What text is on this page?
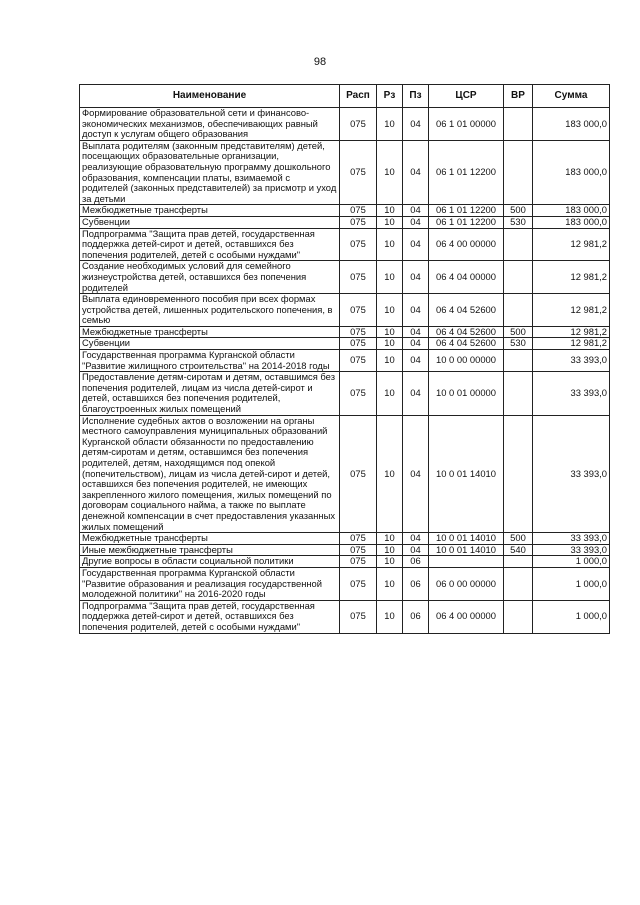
98
Наименование	Расп	Рз	Пз	ЦСР	ВР	Сумма
Формирование образовательной сети и финансово-экономических механизмов, обеспечивающих равный доступ к услугам общего образования	075	10	04	06 1 01 00000		183 000,0
Выплата родителям (законным представителям) детей, посещающих образовательные организации, реализующие образовательную программу дошкольного образования, компенсации платы, взимаемой с родителей (законных представителей) за присмотр и уход за детьми	075	10	04	06 1 01 12200		183 000,0
Межбюджетные трансферты	075	10	04	06 1 01 12200	500	183 000,0
Субвенции	075	10	04	06 1 01 12200	530	183 000,0
Подпрограмма "Защита прав детей, государственная поддержка детей-сирот и детей, оставшихся без попечения родителей, детей с особыми нуждами"	075	10	04	06 4 00 00000		12 981,2
Создание необходимых условий для семейного жизнеустройства детей, оставшихся без попечения родителей	075	10	04	06 4 04 00000		12 981,2
Выплата единовременного пособия при всех формах устройства детей, лишенных родительского попечения, в семью	075	10	04	06 4 04 52600		12 981,2
Межбюджетные трансферты	075	10	04	06 4 04 52600	500	12 981,2
Субвенции	075	10	04	06 4 04 52600	530	12 981,2
Государственная программа Курганской области "Развитие жилищного строительства" на 2014-2018 годы	075	10	04	10 0 00 00000		33 393,0
Предоставление детям-сиротам и детям, оставшимся без попечения родителей, лицам из числа детей-сирот и детей, оставшихся без попечения родителей, благоустроенных жилых помещений	075	10	04	10 0 01 00000		33 393,0
Исполнение судебных актов о возложении на органы местного самоуправления муниципальных образований Курганской области обязанности по предоставлению детям-сиротам и детям, оставшимся без попечения родителей, детям, находящимся под опекой (попечительством), лицам из числа детей-сирот и детей, оставшихся без попечения родителей, не имеющих закрепленного жилого помещения, жилых помещений по договорам социального найма, а также по выплате денежной компенсации в счет предоставления указанных жилых помещений	075	10	04	10 0 01 14010		33 393,0
Межбюджетные трансферты	075	10	04	10 0 01 14010	500	33 393,0
Иные межбюджетные трансферты	075	10	04	10 0 01 14010	540	33 393,0
Другие вопросы в области социальной политики	075	10	06			1 000,0
Государственная программа Курганской области "Развитие образования и реализация государственной молодежной политики" на 2016-2020 годы	075	10	06	06 0 00 00000		1 000,0
Подпрограмма "Защита прав детей, государственная поддержка детей-сирот и детей, оставшихся без попечения родителей, детей с особыми нуждами"	075	10	06	06 4 00 00000		1 000,0
